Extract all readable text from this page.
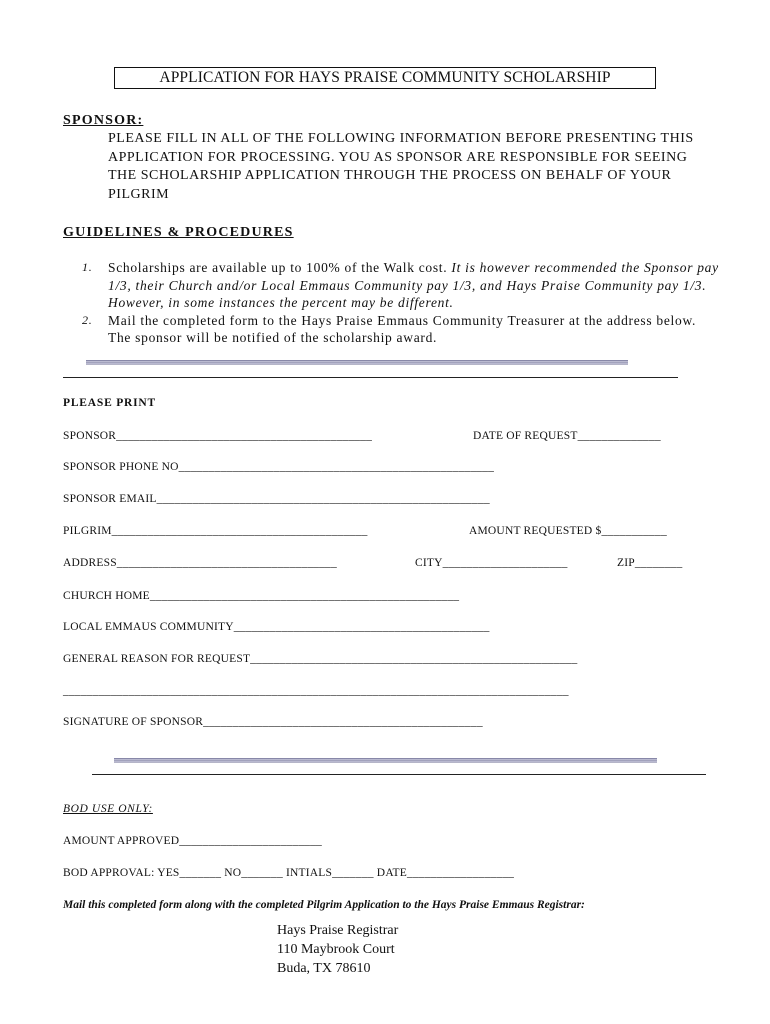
APPLICATION FOR HAYS PRAISE COMMUNITY SCHOLARSHIP
SPONSOR:
PLEASE FILL IN ALL OF THE FOLLOWING INFORMATION BEFORE PRESENTING THIS APPLICATION FOR PROCESSING. YOU AS SPONSOR ARE RESPONSIBLE FOR SEEING THE SCHOLARSHIP APPLICATION THROUGH THE PROCESS ON BEHALF OF YOUR PILGRIM
GUIDELINES & PROCEDURES
1. Scholarships are available up to 100% of the Walk cost. It is however recommended the Sponsor pay 1/3, their Church and/or Local Emmaus Community pay 1/3, and Hays Praise Community pay 1/3. However, in some instances the percent may be different.
2. Mail the completed form to the Hays Praise Emmaus Community Treasurer at the address below. The sponsor will be notified of the scholarship award.
PLEASE PRINT
SPONSOR___________________________________________	DATE OF REQUEST______________
SPONSOR PHONE NO_____________________________________________________
SPONSOR EMAIL________________________________________________________
PILGRIM___________________________________________	AMOUNT REQUESTED $___________
ADDRESS_____________________________________	CITY_____________________	ZIP________
CHURCH HOME____________________________________________________
LOCAL EMMAUS COMMUNITY___________________________________________
GENERAL REASON FOR REQUEST_______________________________________________________
_____________________________________________________________________________________
SIGNATURE OF SPONSOR_______________________________________________
BOD USE ONLY:
AMOUNT APPROVED________________________
BOD APPROVAL: YES_______ NO_______ INTIALS_______ DATE__________________
Mail this completed form along with the completed Pilgrim Application to the Hays Praise Emmaus Registrar:
Hays Praise Registrar
110 Maybrook Court
Buda, TX 78610
